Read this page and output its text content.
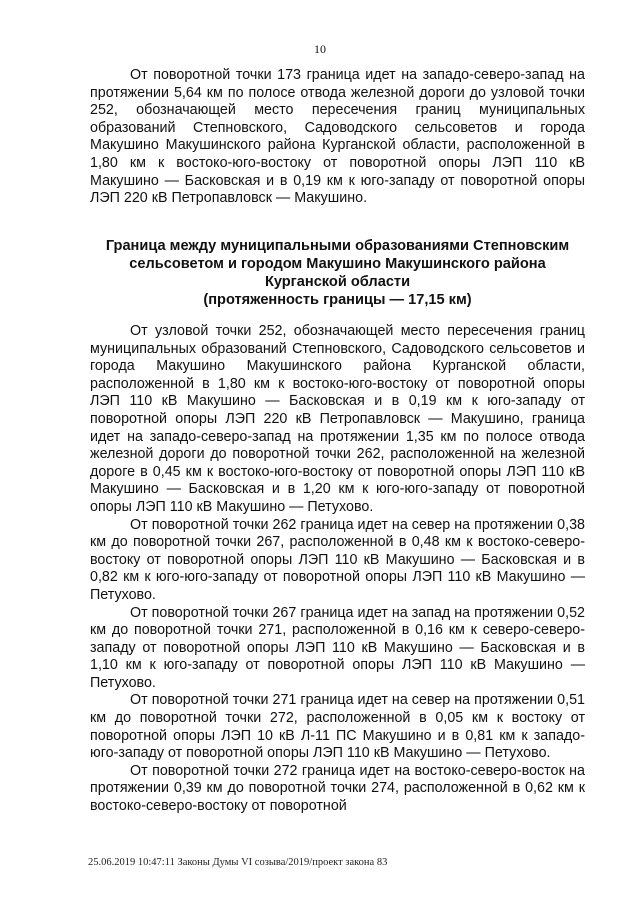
10

От поворотной точки 173 граница идет на западо-северо-запад на протяжении 5,64 км по полосе отвода железной дороги до узловой точки 252, обозначающей место пересечения границ муниципальных образований Степновского, Садоводского сельсоветов и города Макушино Макушинского района Курганской области, расположенной в 1,80 км к востоко-юго-востоку от поворотной опоры ЛЭП 110 кВ Макушино — Басковская и в 0,19 км к юго-западу от поворотной опоры ЛЭП 220 кВ Петропавловск — Макушино.

Граница между муниципальными образованиями Степновским сельсоветом и городом Макушино Макушинского района Курганской области
(протяженность границы — 17,15 км)

От узловой точки 252, обозначающей место пересечения границ муниципальных образований Степновского, Садоводского сельсоветов и города Макушино Макушинского района Курганской области, расположенной в 1,80 км к востоко-юго-востоку от поворотной опоры ЛЭП 110 кВ Макушино — Басковская и в 0,19 км к юго-западу от поворотной опоры ЛЭП 220 кВ Петропавловск — Макушино, граница идет на западо-северо-запад на протяжении 1,35 км по полосе отвода железной дороги до поворотной точки 262, расположенной на железной дороге в 0,45 км к востоко-юго-востоку от поворотной опоры ЛЭП 110 кВ Макушино — Басковская и в 1,20 км к юго-юго-западу от поворотной опоры ЛЭП 110 кВ Макушино — Петухово.

От поворотной точки 262 граница идет на север на протяжении 0,38 км до поворотной точки 267, расположенной в 0,48 км к востоко-северо-востоку от поворотной опоры ЛЭП 110 кВ Макушино — Басковская и в 0,82 км к юго-юго-западу от поворотной опоры ЛЭП 110 кВ Макушино — Петухово.

От поворотной точки 267 граница идет на запад на протяжении 0,52 км до поворотной точки 271, расположенной в 0,16 км к северо-северо-западу от поворотной опоры ЛЭП 110 кВ Макушино — Басковская и в 1,10 км к юго-западу от поворотной опоры ЛЭП 110 кВ Макушино — Петухово.

От поворотной точки 271 граница идет на север на протяжении 0,51 км до поворотной точки 272, расположенной в 0,05 км к востоку от поворотной опоры ЛЭП 10 кВ Л-11 ПС Макушино и в 0,81 км к западо-юго-западу от поворотной опоры ЛЭП 110 кВ Макушино — Петухово.

От поворотной точки 272 граница идет на востоко-северо-восток на протяжении 0,39 км до поворотной точки 274, расположенной в 0,62 км к востоко-северо-востоку от поворотной

25.06.2019 10:47:11 Законы Думы VI созыва/2019/проект закона 83
